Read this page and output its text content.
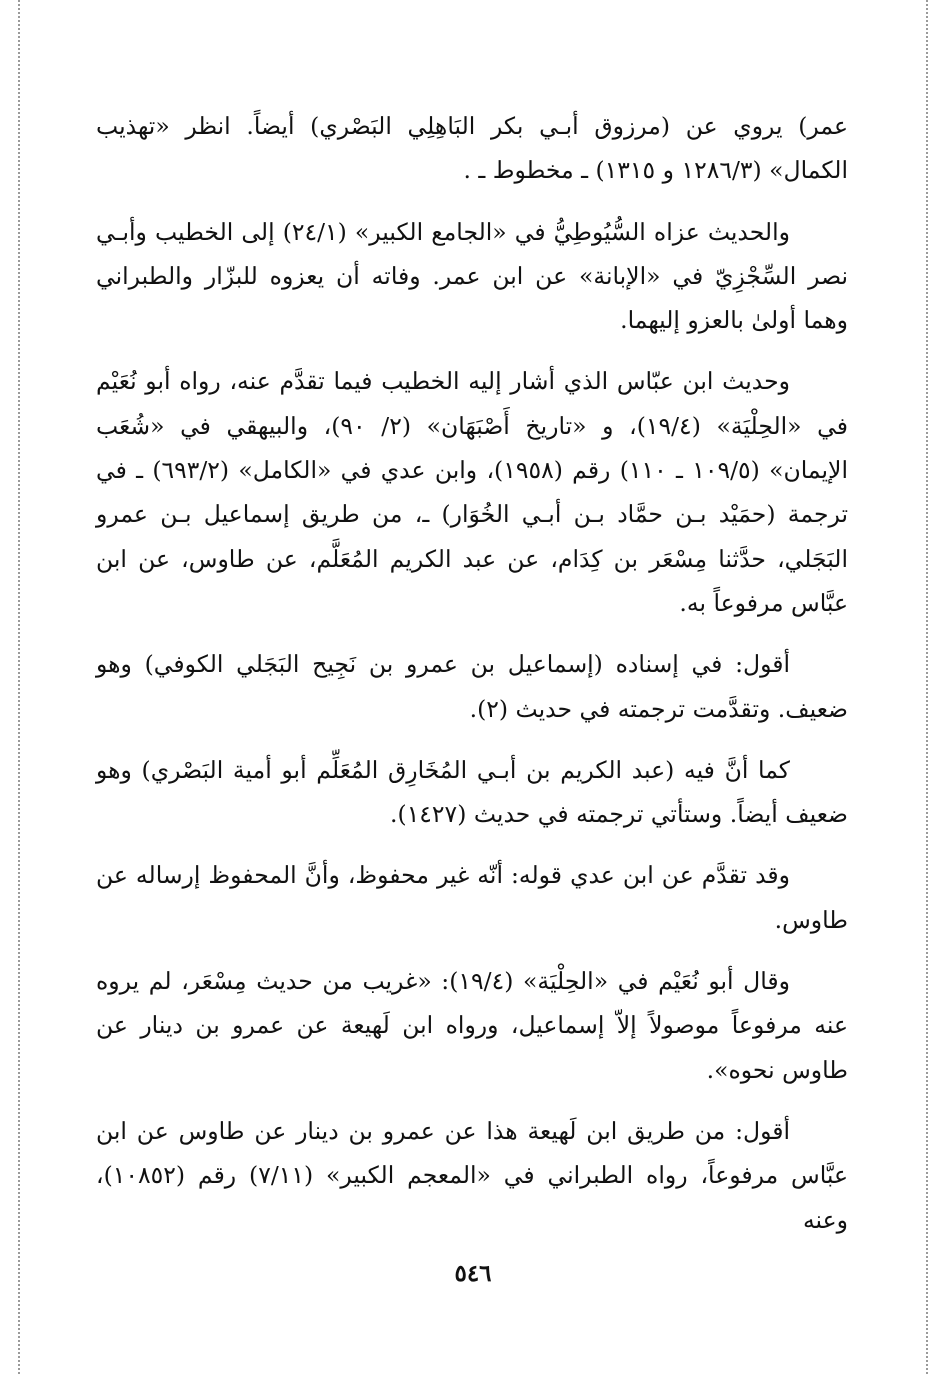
عمر) يروي عن (مرزوق أبـي بكر البَاهِلِي البَصْري) أيضاً. انظر «تهذيب الكمال» (١٢٨٦/٣ و ١٣١٥) ـ مخطوط ـ .

والحديث عزاه السُّيُوطِيُّ في «الجامع الكبير» (٢٤/١) إلى الخطيب وأبـي نصر السِّجْزِيّ في «الإبانة» عن ابن عمر. وفاته أن يعزوه للبزّار والطبراني وهما أولىٰ بالعزو إليهما.

وحديث ابن عبّاس الذي أشار إليه الخطيب فيما تقدَّم عنه، رواه أبو نُعَيْم في «الحِلْيَة» (١٩/٤)، و «تاريخ أَصْبَهَان» (٢/ ٩٠)، والبيهقي في «شُعَب الإيمان» (١٠٩/٥ ـ ١١٠) رقم (١٩٥٨)، وابن عدي في «الكامل» (٦٩٣/٢) ـ في ترجمة (حمَيْد بـن حمَّاد بـن أبـي الخُوَار) ـ، من طريق إسماعيل بـن عمرو البَجَلي، حدَّثنا مِسْعَر بن كِدَام، عن عبد الكريم المُعَلَّم، عن طاوس، عن ابن عبَّاس مرفوعاً به.

أقول: في إسناده (إسماعيل بن عمرو بن نَجِيح البَجَلي الكوفي) وهو ضعيف. وتقدَّمت ترجمته في حديث (٢).

كما أنَّ فيه (عبد الكريم بن أبـي المُخَارِق المُعَلِّم أبو أمية البَصْري) وهو ضعيف أيضاً. وستأتي ترجمته في حديث (١٤٢٧).

وقد تقدَّم عن ابن عدي قوله: أنّه غير محفوظ، وأنَّ المحفوظ إرساله عن طاوس.

وقال أبو نُعَيْم في «الحِلْيَة» (١٩/٤): «غريب من حديث مِسْعَر، لم يروه عنه مرفوعاً موصولاً إلاّ إسماعيل، ورواه ابن لَهيعة عن عمرو بن دينار عن طاوس نحوه».

أقول: من طريق ابن لَهيعة هذا عن عمرو بن دينار عن طاوس عن ابن عبَّاس مرفوعاً، رواه الطبراني في «المعجم الكبير» (٧/١١) رقم (١٠٨٥٢)، وعنه

٥٤٦
